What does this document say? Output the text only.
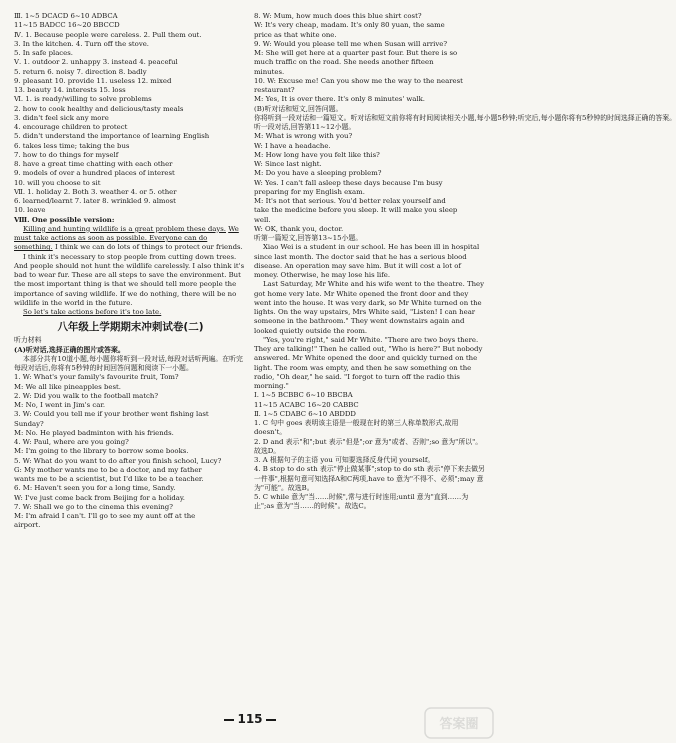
Ⅲ. 1~5 DCACD 6~10 ADBCA
11~15 BADCC 16~20 BBCCD
Ⅳ. 1. Because people were careless. 2. Pull them out.
3. In the kitchen. 4. Turn off the stove.
5. In safe places.
Ⅴ. 1. outdoor 2. unhappy 3. instead 4. peaceful
5. return 6. noisy 7. direction 8. badly
9. pleasant 10. provide 11. useless 12. mixed
13. beauty 14. interests 15. loss
Ⅵ. 1. is ready/willing to solve problems
2. how to cook healthy and delicious/tasty meals
3. didn't feel sick any more
4. encourage children to protect
5. didn't understand the importance of learning English
6. takes less time; taking the bus
7. how to do things for myself
8. have a great time chatting with each other
9. models of over a hundred places of interest
10. will you choose to sit
Ⅶ. 1. holiday 2. Both 3. weather 4. or 5. other
6. learned/learnt 7. later 8. wrinkled 9. almost
10. leave
Ⅷ. One possible version:
Killing and hunting wildlife is a great problem these days. We must take actions as soon as possible. Everyone can do something. I think we can do lots of things to protect our friends.
I think it's necessary to stop people from cutting down trees. And people should not hunt the wildlife carelessly. I also think it's bad to wear fur. These are all steps to save the environment. But the most important thing is that we should tell more people the importance of saving wildlife. If we do nothing, there will be no wildlife in the world in the future.
So let's take actions before it's too late.
八年级上学期期末冲刺试卷(二)
听力材料
(A)听对话,选择正确的图片或答案。
本部分共有10道小题,每小题你将听到一段对话,每段对话听两遍。在听完每段对话后,你将有5秒钟的时间回答问题和阅读下一小题。
1. W: What's your family's favourite fruit, Tom?
M: We all like pineapples best.
2. W: Did you walk to the football match?
M: No, I went in Jim's car.
3. W: Could you tell me if your brother went fishing last
Sunday?
M: No. He played badminton with his friends.
4. W: Paul, where are you going?
M: I'm going to the library to borrow some books.
5. W: What do you want to do after you finish school, Lucy?
G: My mother wants me to be a doctor, and my father
wants me to be a scientist, but I'd like to be a teacher.
6. M: Haven't seen you for a long time, Sandy.
W: I've just come back from Beijing for a holiday.
7. W: Shall we go to the cinema this evening?
M: I'm afraid I can't. I'll go to see my aunt off at the
airport.
8. W: Mum, how much does this blue shirt cost?
W: It's very cheap, madam. It's only 80 yuan, the same
price as that white one.
9. W: Would you please tell me when Susan will arrive?
M: She will get here at a quarter past four. But there is so
much traffic on the road. She needs another fifteen
minutes.
10. W: Excuse me! Can you show me the way to the nearest
restaurant?
M: Yes, It is over there. It's only 8 minutes' walk.
(B)听对话和短文,回答问题。
你将听到一段对话和一篇短文。听对话和短文前你将有时间阅读相关小题,每小题5秒钟;听完后,每小题你将有5秒钟的时间选择正确的答案。
听一段对话,回答第11~12小题。
M: What is wrong with you?
W: I have a headache.
M: How long have you felt like this?
W: Since last night.
M: Do you have a sleeping problem?
W: Yes. I can't fall asleep these days because I'm busy
preparing for my English exam.
M: It's not that serious. You'd better relax yourself and
take the medicine before you sleep. It will make you sleep
well.
W: OK, thank you, doctor.
听第一篇短文,回答第13~15小题。
Xiao Wei is a student in our school. He has been ill in hospital since last month. The doctor said that he has a serious blood disease. An operation may save him. But it will cost a lot of money. Otherwise, he may lose his life.
Last Saturday, Mr White and his wife went to the theatre. They got home very late. Mr White opened the front door and they went into the house. It was very dark, so Mr White turned on the lights. On the way upstairs, Mrs White said, "Listen! I can hear someone in the bathroom." They went downstairs again and looked quietly outside the room.
"Yes, you're right," said Mr White. "There are two boys there. They are talking!" Then he called out, "Who is here?" But nobody answered. Mr White opened the door and quickly turned on the light. The room was empty, and then he saw something on the radio, "Oh dear," he said. "I forgot to turn off the radio this morning."
Ⅰ. 1~5 BCBBC 6~10 BBCBA
11~15 ACABC 16~20 CABBC
Ⅱ. 1~5 CDABC 6~10 ABDDD
1. C 句中 goes 表明该主语是一般现在时的第三人称单数形式,故用 doesn't。
2. D and 表示"和";but 表示"但是";or 意为"或者、否则";so 意为"所以"。故选D。
3. A 根据句子的主语 you 可知要选择反身代词 yourself。
4. B stop to do sth 表示"停止做某事";stop to do sth 表示"停下来去做另一件事",根据句意可知选择A和C两项,have to 意为"不得不、必须";may 意为"可能"。故选B。
5. C while 意为"当……时候",常与进行时连用;until 意为"直到……为止";as 意为"当……的时候"。故选C。
115	答案圈
